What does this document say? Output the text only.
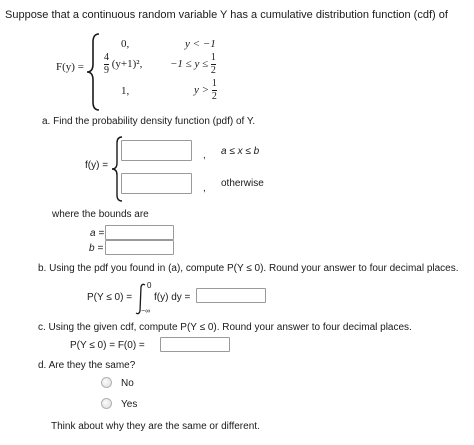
Suppose that a continuous random variable Y has a cumulative distribution function (cdf) of
F(y) =
0,	y < −1
$\frac{4}{9} (y+1)^2$,	$-1 \le y \le \frac{1}{2}$
1,	$y > \frac{1}{2}$
a. Find the probability density function (pdf) of Y.
f(y) =
, a ≤ x ≤ b
, otherwise
where the bounds are
a =
b =
b. Using the pdf you found in (a), compute P(Y ≤ 0). Round your answer to four decimal places.
P(Y ≤ 0) =
0
−∞
f(y) dy =
c. Using the given cdf, compute P(Y ≤ 0). Round your answer to four decimal places.
P(Y ≤ 0) = F(0) =
d. Are they the same?
No
Yes
Think about why they are the same or different.
